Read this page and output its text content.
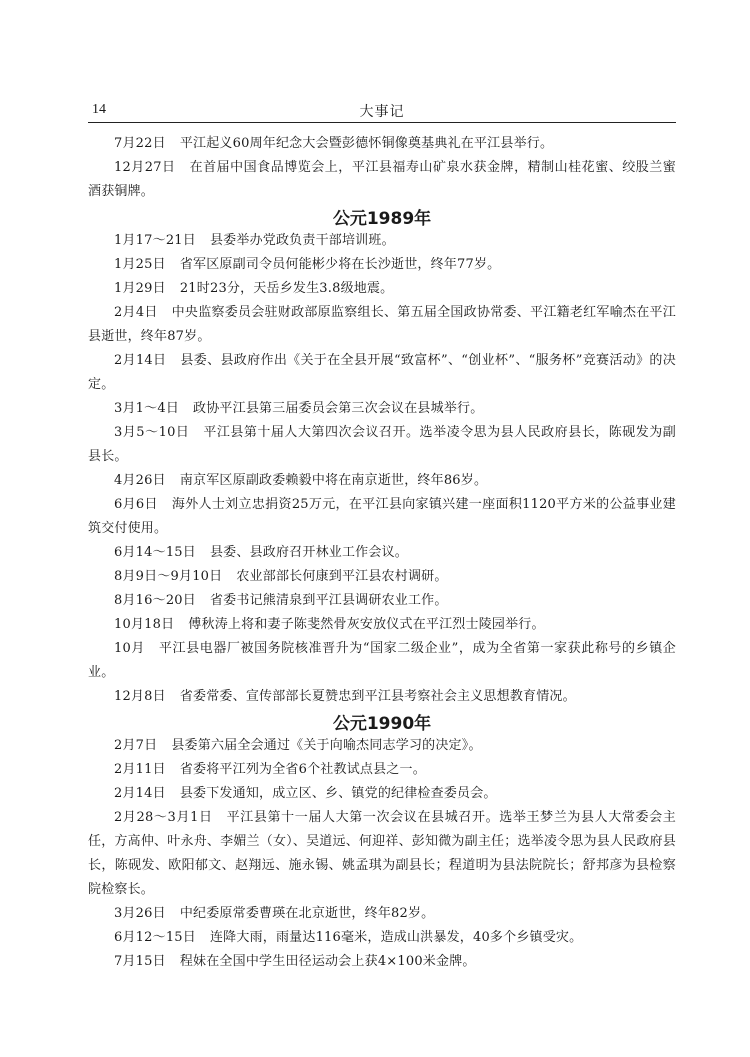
14	大事记

7月22日 平江起义60周年纪念大会暨彭德怀铜像奠基典礼在平江县举行。

12月27日 在首届中国食品博览会上，平江县福寿山矿泉水获金牌，精制山桂花蜜、绞股兰蜜酒获铜牌。

公元1989年

1月17～21日 县委举办党政负责干部培训班。

1月25日 省军区原副司令员何能彬少将在长沙逝世，终年77岁。

1月29日 21时23分，天岳乡发生3.8级地震。

2月4日 中央监察委员会驻财政部原监察组长、第五届全国政协常委、平江籍老红军喻杰在平江县逝世，终年87岁。

2月14日 县委、县政府作出《关于在全县开展“致富杯”、“创业杯”、“服务杯”竞赛活动》的决定。

3月1～4日 政协平江县第三届委员会第三次会议在县城举行。

3月5～10日 平江县第十届人大第四次会议召开。选举凌令思为县人民政府县长，陈砚发为副县长。

4月26日 南京军区原副政委赖毅中将在南京逝世，终年86岁。

6月6日 海外人士刘立忠捐资25万元，在平江县向家镇兴建一座面积1120平方米的公益事业建筑交付使用。

6月14～15日 县委、县政府召开林业工作会议。

8月9日～9月10日 农业部部长何康到平江县农村调研。

8月16～20日 省委书记熊清泉到平江县调研农业工作。

10月18日 傅秋涛上将和妻子陈斐然骨灰安放仪式在平江烈士陵园举行。

10月 平江县电器厂被国务院核准晋升为“国家二级企业”，成为全省第一家获此称号的乡镇企业。

12月8日 省委常委、宣传部部长夏赞忠到平江县考察社会主义思想教育情况。

公元1990年

2月7日 县委第六届全会通过《关于向喻杰同志学习的决定》。

2月11日 省委将平江列为全省6个社教试点县之一。

2月14日 县委下发通知，成立区、乡、镇党的纪律检查委员会。

2月28～3月1日 平江县第十一届人大第一次会议在县城召开。选举王梦兰为县人大常委会主任，方高仲、叶永舟、李媚兰（女）、吴道远、何迎祥、彭知微为副主任；选举凌令思为县人民政府县长，陈砚发、欧阳郁文、赵翔远、施永锡、姚孟琪为副县长；程道明为县法院院长；舒邦彦为县检察院检察长。

3月26日 中纪委原常委曹瑛在北京逝世，终年82岁。

6月12～15日 连降大雨，雨量达116毫米，造成山洪暴发，40多个乡镇受灾。

7月15日 程妹在全国中学生田径运动会上获4×100米金牌。
